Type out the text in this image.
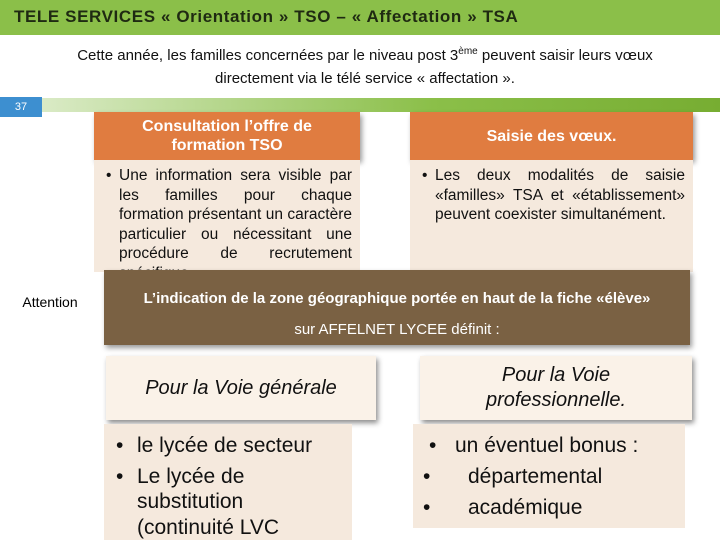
TELE SERVICES « Orientation » TSO – « Affectation » TSA
Cette année, les familles concernées par le niveau post 3ème peuvent saisir leurs vœux
directement via le télé service « affectation ».
37
Consultation l’offre de formation TSO
• Une information sera visible par les familles pour chaque formation présentant un caractère particulier ou nécessitant une procédure de recrutement
Saisie des vœux.
• Les deux modalités de saisie «familles» TSA et «établissement» peuvent coexister simultanément.
L’indication de la zone géographique portée en haut de la fiche «élève»
sur AFFELNET LYCEE définit :
Attention
Pour la Voie générale
• le lycée de secteur
• Le lycée de
substitution
(continuité LVC
Pour la Voie
professionnelle.
• un éventuel bonus :
• départemental
• académique
